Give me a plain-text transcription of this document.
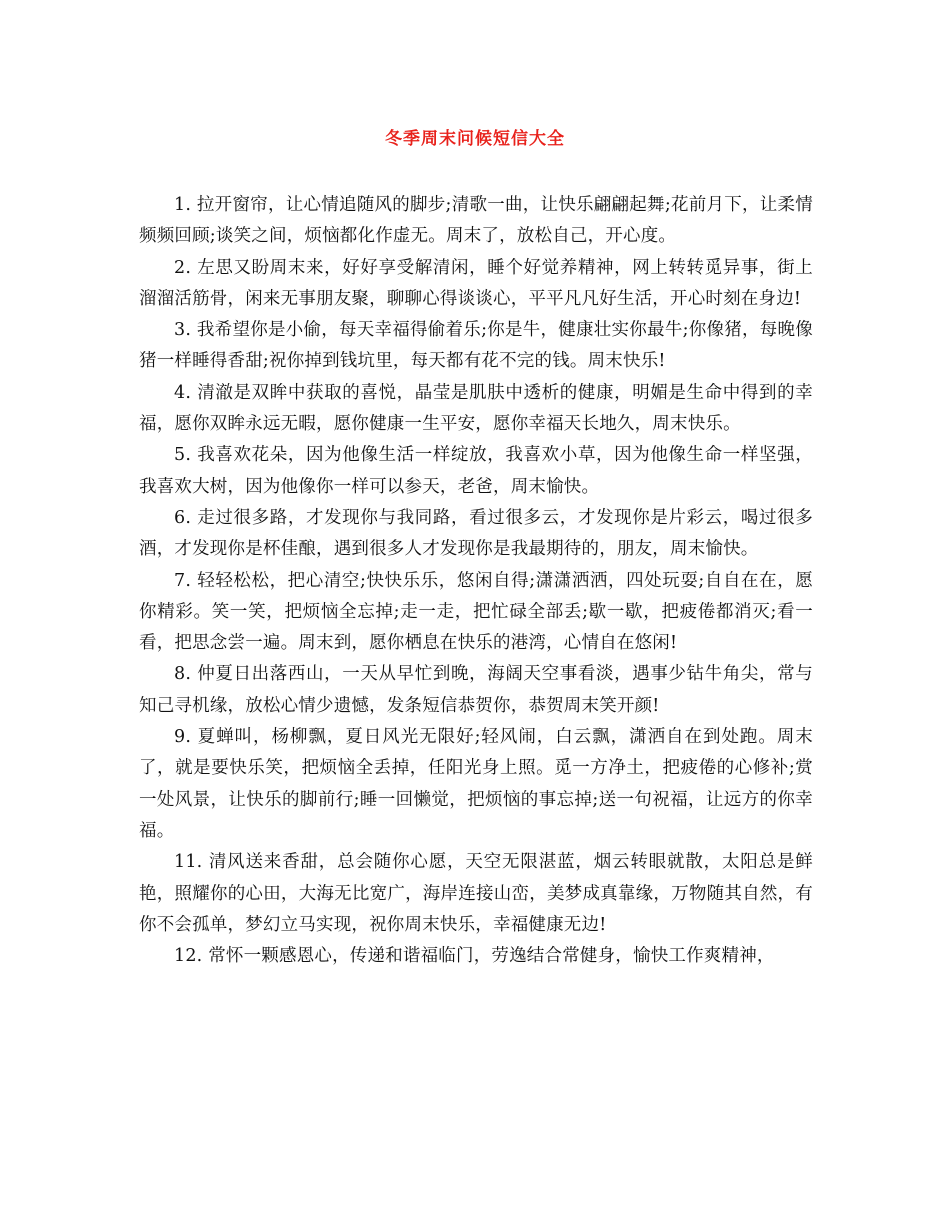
冬季周末问候短信大全

1. 拉开窗帘，让心情追随风的脚步;清歌一曲，让快乐翩翩起舞;花前月下，让柔情频频回顾;谈笑之间，烦恼都化作虚无。周末了，放松自己，开心度。

2. 左思又盼周末来，好好享受解清闲，睡个好觉养精神，网上转转觅异事，街上溜溜活筋骨，闲来无事朋友聚，聊聊心得谈谈心，平平凡凡好生活，开心时刻在身边!

3. 我希望你是小偷，每天幸福得偷着乐;你是牛，健康壮实你最牛;你像猪，每晚像猪一样睡得香甜;祝你掉到钱坑里，每天都有花不完的钱。周末快乐!

4. 清澈是双眸中获取的喜悦，晶莹是肌肤中透析的健康，明媚是生命中得到的幸福，愿你双眸永远无暇，愿你健康一生平安，愿你幸福天长地久，周末快乐。

5. 我喜欢花朵，因为他像生活一样绽放，我喜欢小草，因为他像生命一样坚强，我喜欢大树，因为他像你一样可以参天，老爸，周末愉快。

6. 走过很多路，才发现你与我同路，看过很多云，才发现你是片彩云，喝过很多酒，才发现你是杯佳酿，遇到很多人才发现你是我最期待的，朋友，周末愉快。

7. 轻轻松松，把心清空;快快乐乐，悠闲自得;潇潇洒洒，四处玩耍;自自在在，愿你精彩。笑一笑，把烦恼全忘掉;走一走，把忙碌全部丢;歇一歇，把疲倦都消灭;看一看，把思念尝一遍。周末到，愿你栖息在快乐的港湾，心情自在悠闲!

8. 仲夏日出落西山，一天从早忙到晚，海阔天空事看淡，遇事少钻牛角尖，常与知己寻机缘，放松心情少遗憾，发条短信恭贺你，恭贺周末笑开颜!

9. 夏蝉叫，杨柳飘，夏日风光无限好;轻风闹，白云飘，潇洒自在到处跑。周末了，就是要快乐笑，把烦恼全丢掉，任阳光身上照。觅一方净土，把疲倦的心修补;赏一处风景，让快乐的脚前行;睡一回懒觉，把烦恼的事忘掉;送一句祝福，让远方的你幸福。

11. 清风送来香甜，总会随你心愿，天空无限湛蓝，烟云转眼就散，太阳总是鲜艳，照耀你的心田，大海无比宽广，海岸连接山峦，美梦成真靠缘，万物随其自然，有你不会孤单，梦幻立马实现，祝你周末快乐，幸福健康无边!

12. 常怀一颗感恩心，传递和谐福临门，劳逸结合常健身，愉快工作爽精神，
